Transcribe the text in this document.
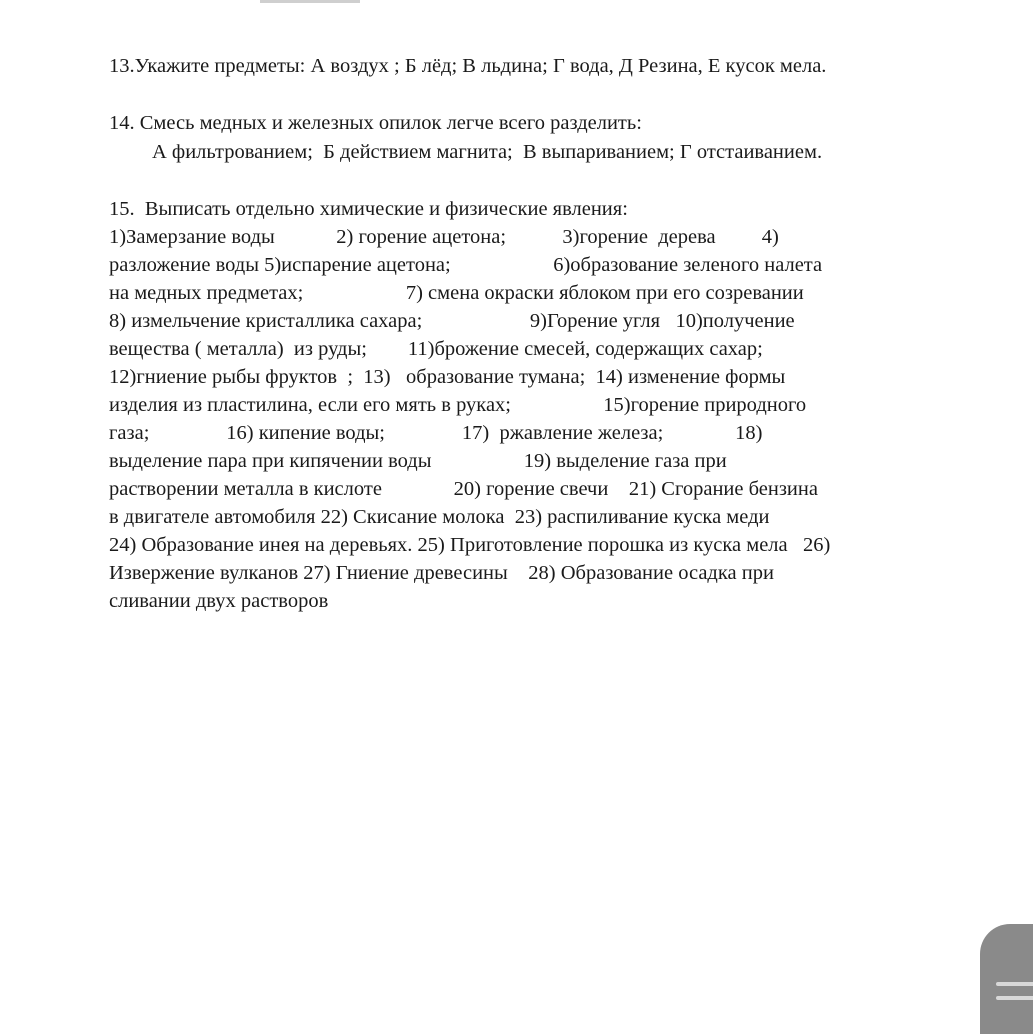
13.Укажите предметы: А воздух ; Б лёд; В льдина; Г вода, Д Резина, Е кусок мела.
14. Смесь медных и железных опилок легче всего разделить:
А фильтрованием;  Б действием магнита;  В выпариванием; Г отстаиванием.
15.  Выписать отдельно химические и физические явления:
1)Замерзание воды            2) горение ацетона;           3)горение  дерева         4)
разложение воды 5)испарение ацетона;                    6)образование зеленого налета
на медных предметах;                    7) смена окраски яблоком при его созревании
8) измельчение кристаллика сахара;                     9)Горение угля   10)получение
вещества ( металла)  из руды;        11)брожение смесей, содержащих сахар;
12)гниение рыбы фруктов  ;  13)   образование тумана;  14) изменение формы
изделия из пластилина, если его мять в руках;                  15)горение природного
газа;               16) кипение воды;               17)  ржавление железа;              18)
выделение пара при кипячении воды                  19) выделение газа при
растворении металла в кислоте              20) горение свечи    21) Сгорание бензина
в двигателе автомобиля 22) Скисание молока  23) распиливание куска меди
24) Образование инея на деревьях. 25) Приготовление порошка из куска мела   26)
Извержение вулканов 27) Гниение древесины    28) Образование осадка при
сливании двух растворов
